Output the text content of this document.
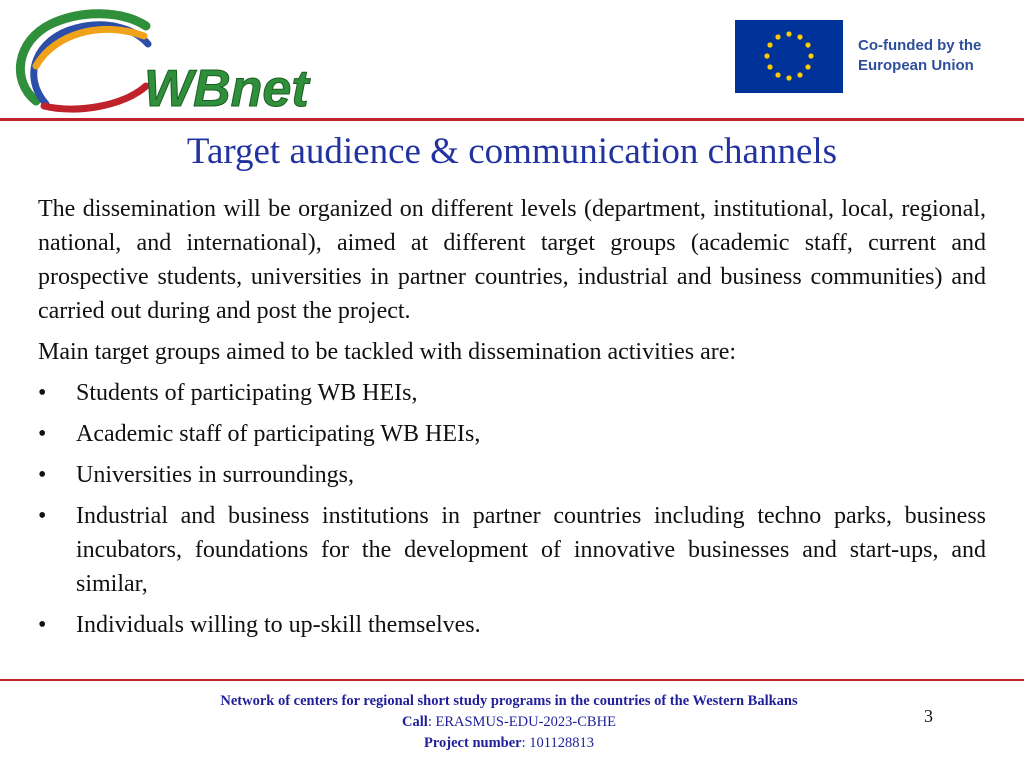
WBnet
Co-funded by the
European Union
Target audience & communication channels

The dissemination will be organized on different levels (department, institutional, local, regional, national, and international), aimed at different target groups (academic staff, current and prospective students, universities in partner countries, industrial and business communities) and carried out during and post the project.

Main target groups aimed to be tackled with dissemination activities are:

• Students of participating WB HEIs,
• Academic staff of participating WB HEIs,
• Universities in surroundings,
• Industrial and business institutions in partner countries including techno parks, business incubators, foundations for the development of innovative businesses and start-ups, and similar,
• Individuals willing to up-skill themselves.
Network of centers for regional short study programs in the countries of the Western Balkans
Call: ERASMUS-EDU-2023-CBHE
Project number: 101128813
3
